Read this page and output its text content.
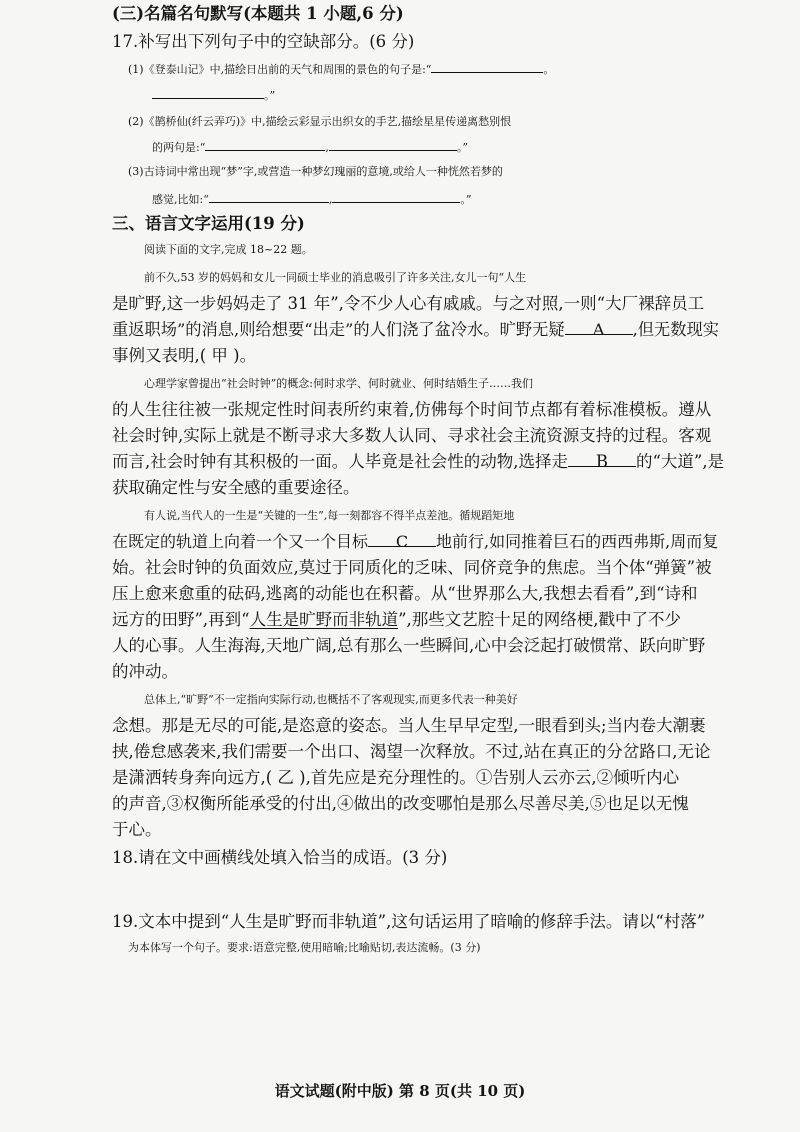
(三)名篇名句默写(本题共 1 小题,6 分)
17.补写出下列句子中的空缺部分。(6 分)
(1)《登泰山记》中,描绘日出前的天气和周围的景色的句子是:“	。
。”
(2)《鹊桥仙(纤云弄巧)》中,描绘云彩显示出织女的手艺,描绘星星传递离愁别恨
的两句是:“	,	。”
(3)古诗词中常出现“梦”字,或营造一种梦幻瑰丽的意境,或给人一种恍然若梦的
感觉,比如:“	,	。”
三、语言文字运用(19 分)
阅读下面的文字,完成 18~22 题。
前不久,53 岁的妈妈和女儿一同硕士毕业的消息吸引了许多关注,女儿一句“人生
是旷野,这一步妈妈走了 31 年”,令不少人心有戚戚。与之对照,一则“大厂裸辞员工
重返职场”的消息,则给想要“出走”的人们浇了盆冷水。旷野无疑 A ,但无数现实
事例又表明,( 甲 )。
心理学家曾提出“社会时钟”的概念:何时求学、何时就业、何时结婚生子……我们
的人生往往被一张规定性时间表所约束着,仿佛每个时间节点都有着标准模板。遵从
社会时钟,实际上就是不断寻求大多数人认同、寻求社会主流资源支持的过程。客观
而言,社会时钟有其积极的一面。人毕竟是社会性的动物,选择走 B 的“大道”,是
获取确定性与安全感的重要途径。
有人说,当代人的一生是“关键的一生”,每一刻都容不得半点差池。循规蹈矩地
在既定的轨道上向着一个又一个目标 C 地前行,如同推着巨石的西西弗斯,周而复
始。社会时钟的负面效应,莫过于同质化的乏味、同侪竞争的焦虑。当个体“弹簧”被
压上愈来愈重的砝码,逃离的动能也在积蓄。从“世界那么大,我想去看看”,到“诗和
远方的田野”,再到“人生是旷野而非轨道”,那些文艺腔十足的网络梗,戳中了不少
人的心事。人生海海,天地广阔,总有那么一些瞬间,心中会泛起打破惯常、跃向旷野
的冲动。
总体上,“旷野”不一定指向实际行动,也概括不了客观现实,而更多代表一种美好
念想。那是无尽的可能,是恣意的姿态。当人生早早定型,一眼看到头;当内卷大潮裹
挟,倦怠感袭来,我们需要一个出口、渴望一次释放。不过,站在真正的分岔路口,无论
是潇洒转身奔向远方,( 乙 ),首先应是充分理性的。①告别人云亦云,②倾听内心
的声音,③权衡所能承受的付出,④做出的改变哪怕是那么尽善尽美,⑤也足以无愧
于心。
18.请在文中画横线处填入恰当的成语。(3 分)
19.文本中提到“人生是旷野而非轨道”,这句话运用了暗喻的修辞手法。请以“村落”
为本体写一个句子。要求:语意完整,使用暗喻;比喻贴切,表达流畅。(3 分)
语文试题(附中版) 第 8 页(共 10 页)
